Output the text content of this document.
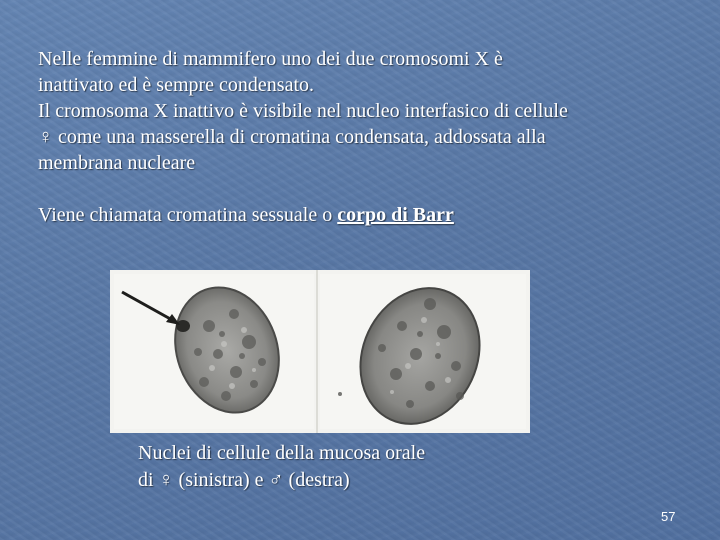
Nelle femmine di mammifero uno dei due cromosomi X è
inattivato ed è sempre condensato.

Il cromosoma X inattivo è visibile nel nucleo interfasico di cellule
♀ come una masserella di cromatina condensata, addossata alla
membrana nucleare

Viene chiamata cromatina sessuale o corpo di Barr

Nuclei di cellule della mucosa orale
di ♀ (sinistra) e ♂ (destra)
57
